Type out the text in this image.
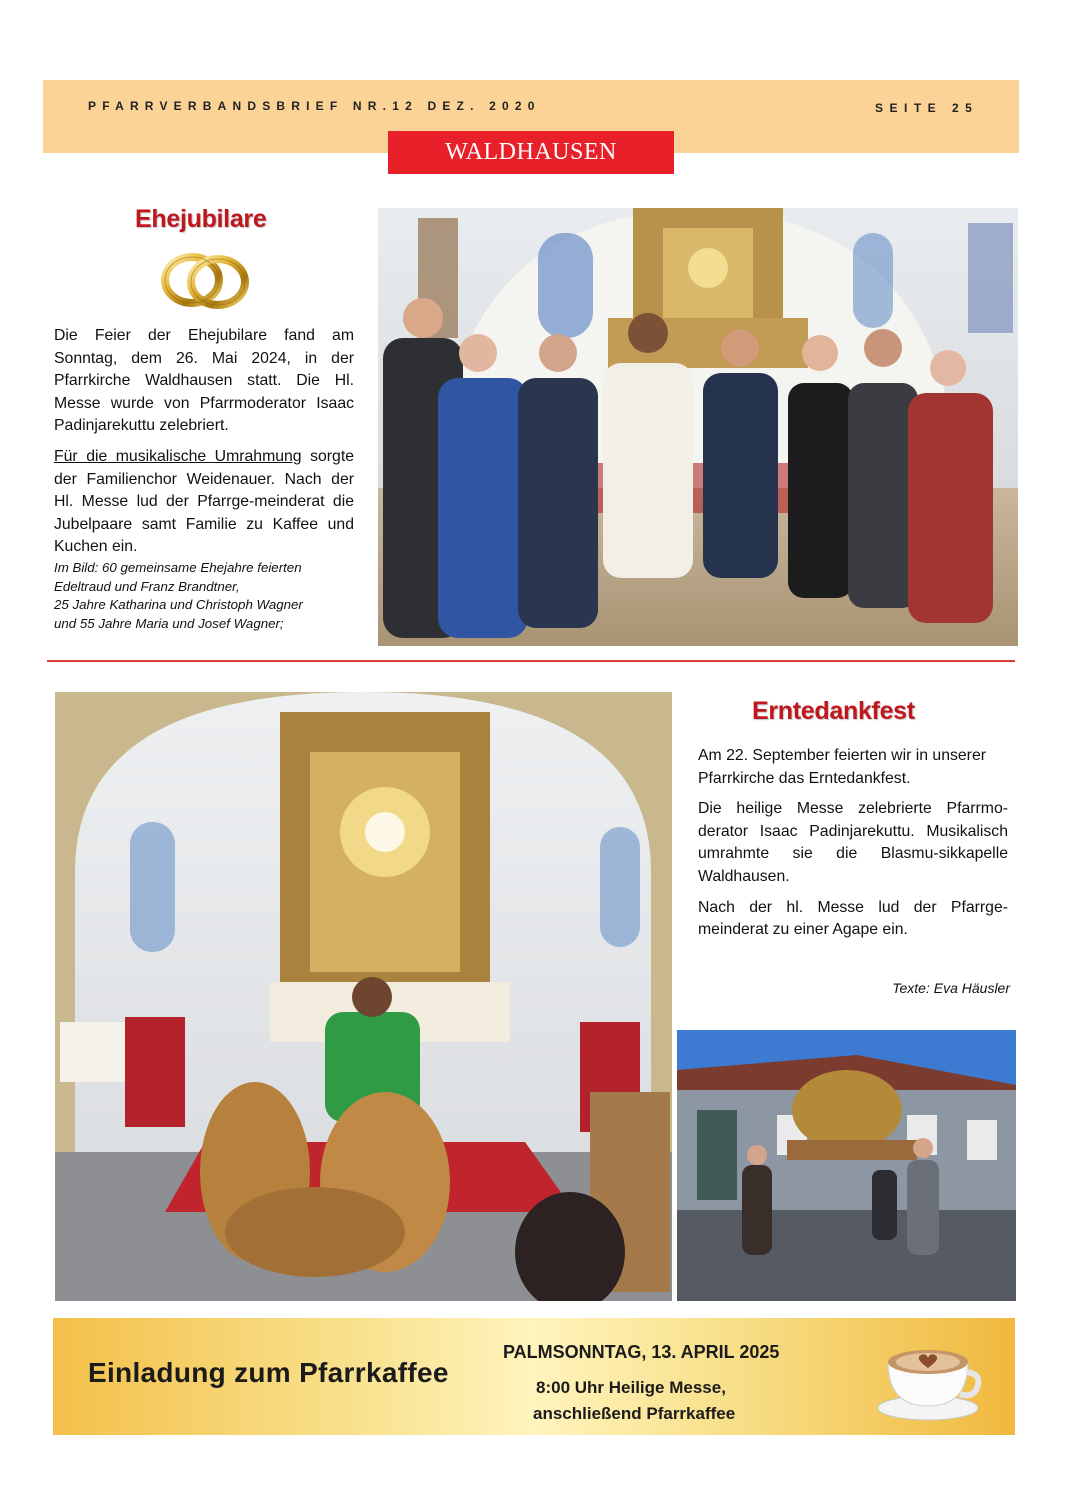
PFARRVERBANDSBRIEF NR.12 DEZ. 2020	SEITE 25
WALDHAUSEN
Ehejubilare

Die Feier der Ehejubilare fand am Sonntag, dem 26. Mai 2024, in der Pfarrkirche Waldhausen statt. Die Hl. Messe wurde von Pfarrmoderator Isaac Padinjarekuttu zelebriert.

Für die musikalische Umrahmung sorgte der Familienchor Weidenauer. Nach der Hl. Messe lud der Pfarrge-meinderat die Jubelpaare samt Familie zu Kaffee und Kuchen ein.

Im Bild: 60 gemeinsame Ehejahre feierten
Edeltraud und Franz Brandtner,
25 Jahre Katharina und Christoph Wagner
und 55 Jahre Maria und Josef Wagner;
Erntedankfest

Am 22. September feierten wir in unserer Pfarrkirche das Erntedankfest.

Die heilige Messe zelebrierte Pfarrmo-derator Isaac Padinjarekuttu. Musikalisch umrahmte sie die Blasmu-sikkapelle Waldhausen.

Nach der hl. Messe lud der Pfarrge-meinderat zu einer Agape ein.

Texte: Eva Häusler
Einladung zum Pfarrkaffee
PALMSONNTAG, 13. APRIL 2025
8:00 Uhr Heilige Messe,
anschließend Pfarrkaffee
